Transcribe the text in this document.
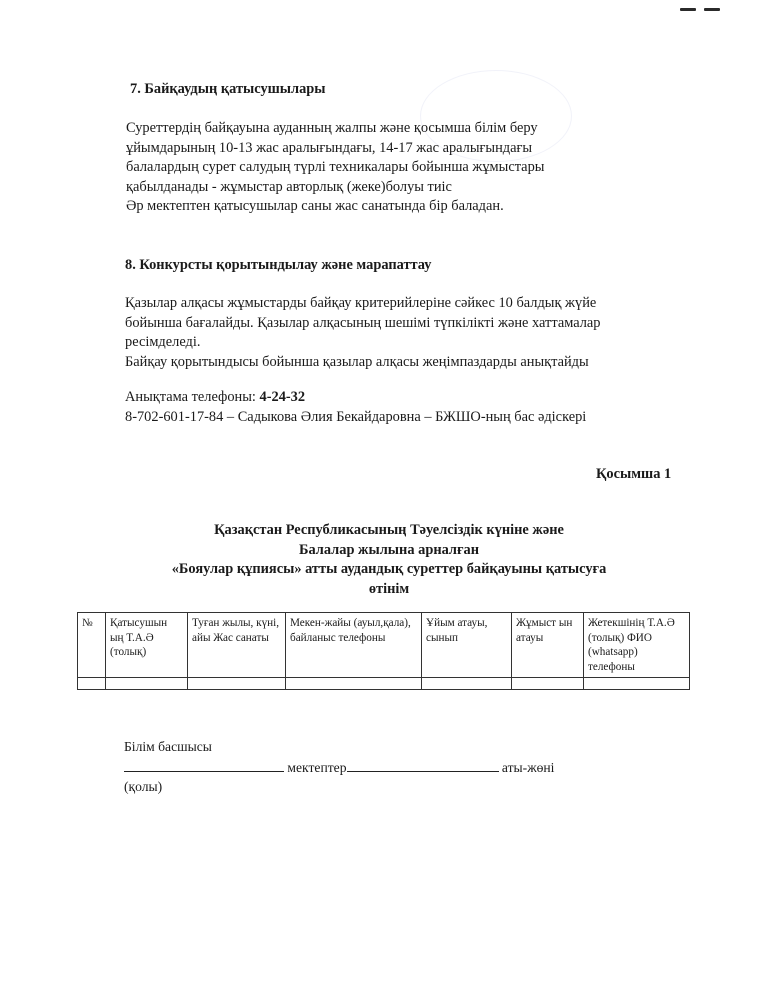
7. Байқаудың қатысушылары
Суреттердің байқауына ауданның жалпы және қосымша білім беру
ұйымдарының 10-13 жас аралығындағы, 14-17 жас аралығындағы
балалардың сурет салудың түрлі техникалары бойынша жұмыстары
қабылданады - жұмыстар авторлық (жеке)болуы тиіс
Әр мектептен қатысушылар саны жас санатында бір баладан.
8. Конкурсты қорытындылау және марапаттау
Қазылар алқасы жұмыстарды байқау критерийлеріне сәйкес 10 балдық жүйе
бойынша бағалайды. Қазылар алқасының шешімі түпкілікті және хаттамалар
ресімделеді.
Байқау қорытындысы бойынша қазылар алқасы жеңімпаздарды анықтайды
Анықтама телефоны: 4-24-32
8-702-601-17-84 – Садыкова Әлия Бекайдаровна – БЖШО-ның бас әдіскері
Қосымша 1
Қазақстан Республикасының Тәуелсіздік күніне және
Балалар жылына арналған
«Бояулар құпиясы» атты аудандық суреттер байқауыны қатысуға
өтінім
№	Қатысушын ың Т.А.Ә (толық)	Туған жылы, күні, айы Жас санаты	Мекен-жайы (ауыл,қала), байланыс телефоны	Ұйым атауы, сынып	Жұмыст ын атауы	Жетекшінің Т.А.Ә (толық) ФИО (whatsapp) телефоны

Білім басшысы
мектептер	аты-жөні
(қолы)
